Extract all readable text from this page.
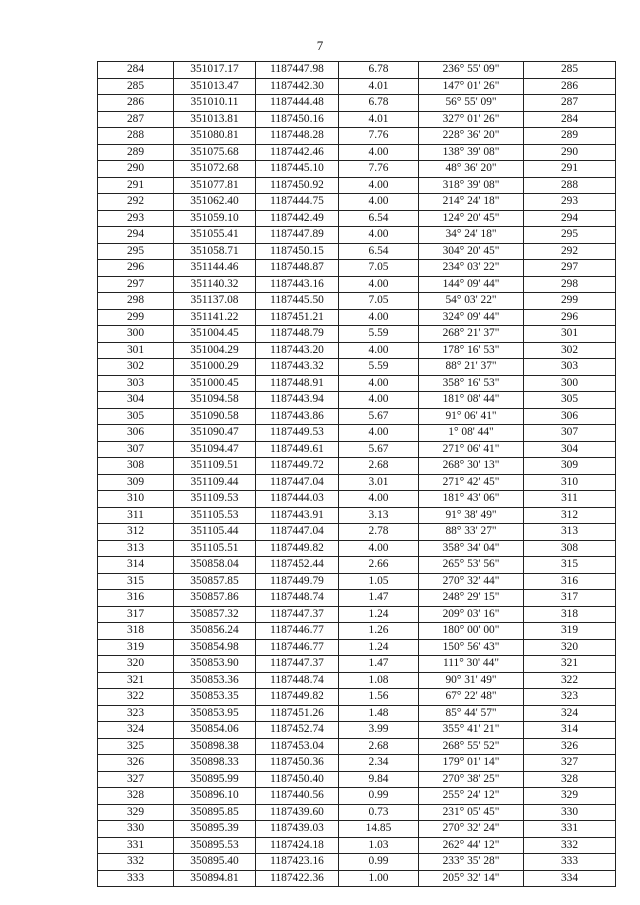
7
284	351017.17	1187447.98	6.78	236° 55' 09"	285
285	351013.47	1187442.30	4.01	147° 01' 26"	286
286	351010.11	1187444.48	6.78	56° 55' 09"	287
287	351013.81	1187450.16	4.01	327° 01' 26"	284
288	351080.81	1187448.28	7.76	228° 36' 20"	289
289	351075.68	1187442.46	4.00	138° 39' 08"	290
290	351072.68	1187445.10	7.76	48° 36' 20"	291
291	351077.81	1187450.92	4.00	318° 39' 08"	288
292	351062.40	1187444.75	4.00	214° 24' 18"	293
293	351059.10	1187442.49	6.54	124° 20' 45"	294
294	351055.41	1187447.89	4.00	34° 24' 18"	295
295	351058.71	1187450.15	6.54	304° 20' 45"	292
296	351144.46	1187448.87	7.05	234° 03' 22"	297
297	351140.32	1187443.16	4.00	144° 09' 44"	298
298	351137.08	1187445.50	7.05	54° 03' 22"	299
299	351141.22	1187451.21	4.00	324° 09' 44"	296
300	351004.45	1187448.79	5.59	268° 21' 37"	301
301	351004.29	1187443.20	4.00	178° 16' 53"	302
302	351000.29	1187443.32	5.59	88° 21' 37"	303
303	351000.45	1187448.91	4.00	358° 16' 53"	300
304	351094.58	1187443.94	4.00	181° 08' 44"	305
305	351090.58	1187443.86	5.67	91° 06' 41"	306
306	351090.47	1187449.53	4.00	1° 08' 44"	307
307	351094.47	1187449.61	5.67	271° 06' 41"	304
308	351109.51	1187449.72	2.68	268° 30' 13"	309
309	351109.44	1187447.04	3.01	271° 42' 45"	310
310	351109.53	1187444.03	4.00	181° 43' 06"	311
311	351105.53	1187443.91	3.13	91° 38' 49"	312
312	351105.44	1187447.04	2.78	88° 33' 27"	313
313	351105.51	1187449.82	4.00	358° 34' 04"	308
314	350858.04	1187452.44	2.66	265° 53' 56"	315
315	350857.85	1187449.79	1.05	270° 32' 44"	316
316	350857.86	1187448.74	1.47	248° 29' 15"	317
317	350857.32	1187447.37	1.24	209° 03' 16"	318
318	350856.24	1187446.77	1.26	180° 00' 00"	319
319	350854.98	1187446.77	1.24	150° 56' 43"	320
320	350853.90	1187447.37	1.47	111° 30' 44"	321
321	350853.36	1187448.74	1.08	90° 31' 49"	322
322	350853.35	1187449.82	1.56	67° 22' 48"	323
323	350853.95	1187451.26	1.48	85° 44' 57"	324
324	350854.06	1187452.74	3.99	355° 41' 21"	314
325	350898.38	1187453.04	2.68	268° 55' 52"	326
326	350898.33	1187450.36	2.34	179° 01' 14"	327
327	350895.99	1187450.40	9.84	270° 38' 25"	328
328	350896.10	1187440.56	0.99	255° 24' 12"	329
329	350895.85	1187439.60	0.73	231° 05' 45"	330
330	350895.39	1187439.03	14.85	270° 32' 24"	331
331	350895.53	1187424.18	1.03	262° 44' 12"	332
332	350895.40	1187423.16	0.99	233° 35' 28"	333
333	350894.81	1187422.36	1.00	205° 32' 14"	334
